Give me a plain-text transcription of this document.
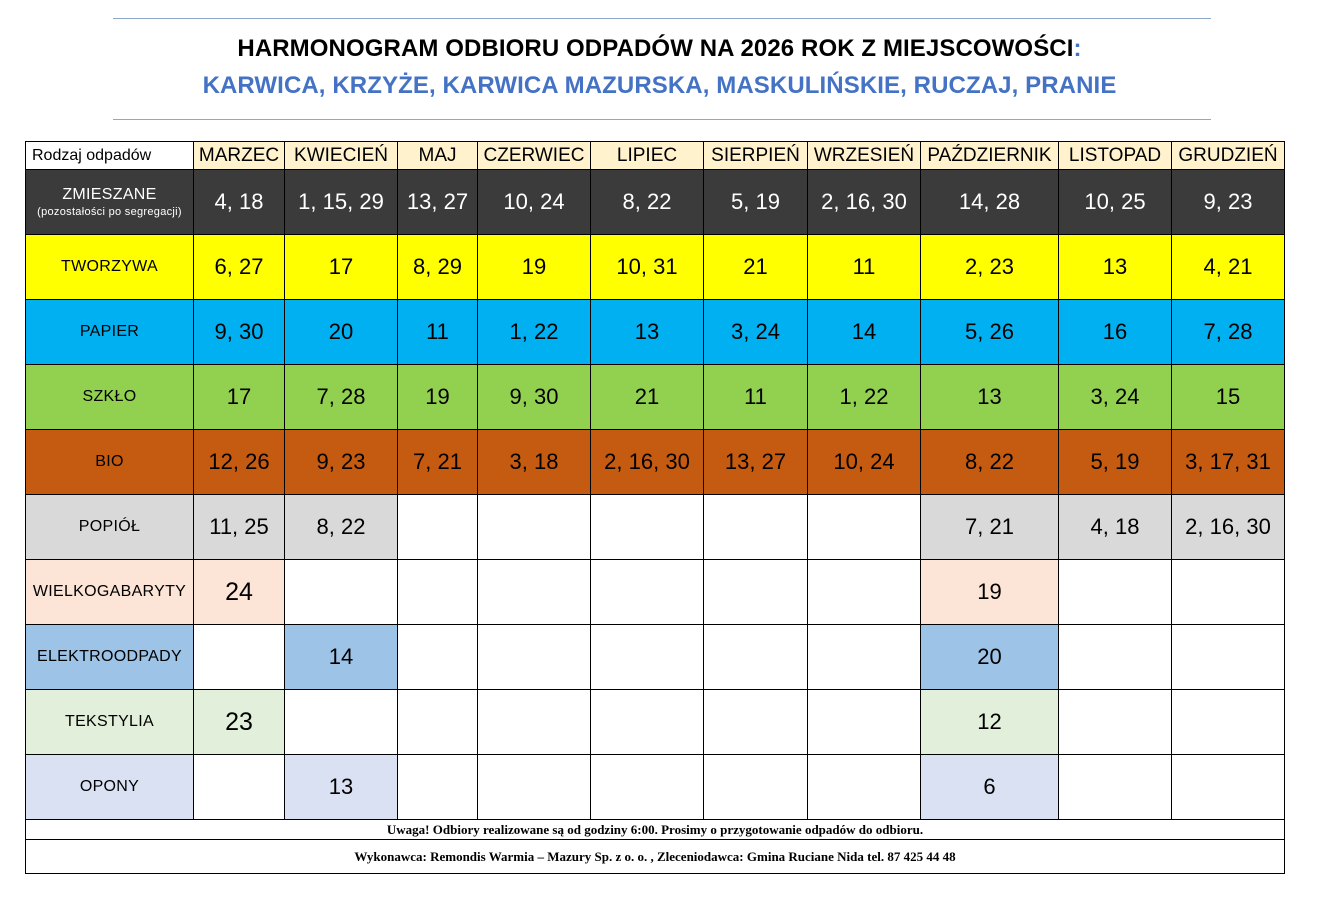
HARMONOGRAM ODBIORU ODPADÓW NA 2026 ROK Z MIEJSCOWOŚCI:
KARWICA, KRZYŻE, KARWICA MAZURSKA, MASKULIŃSKIE, RUCZAJ, PRANIE
Rodzaj odpadów	MARZEC	KWIECIEŃ	MAJ	CZERWIEC	LIPIEC	SIERPIEŃ	WRZESIEŃ	PAŹDZIERNIK	LISTOPAD	GRUDZIEŃ
ZMIESZANE
(pozostałości po segregacji)	4, 18	1, 15, 29	13, 27	10, 24	8, 22	5, 19	2, 16, 30	14, 28	10, 25	9, 23
TWORZYWA	6, 27	17	8, 29	19	10, 31	21	11	2, 23	13	4, 21
PAPIER	9, 30	20	11	1, 22	13	3, 24	14	5, 26	16	7, 28
SZKŁO	17	7, 28	19	9, 30	21	11	1, 22	13	3, 24	15
BIO	12, 26	9, 23	7, 21	3, 18	2, 16, 30	13, 27	10, 24	8, 22	5, 19	3, 17, 31
POPIÓŁ	11, 25	8, 22						7, 21	4, 18	2, 16, 30
WIELKOGABARYTY	24							19		
ELEKTROODPADY		14						20		
TEKSTYLIA	23							12		
OPONY		13						6		
Uwaga! Odbiory realizowane są od godziny 6:00. Prosimy o przygotowanie odpadów do odbioru.										
Wykonawca: Remondis Warmia – Mazury Sp. z o. o. , Zleceniodawca: Gmina Ruciane Nida tel. 87 425 44 48										
